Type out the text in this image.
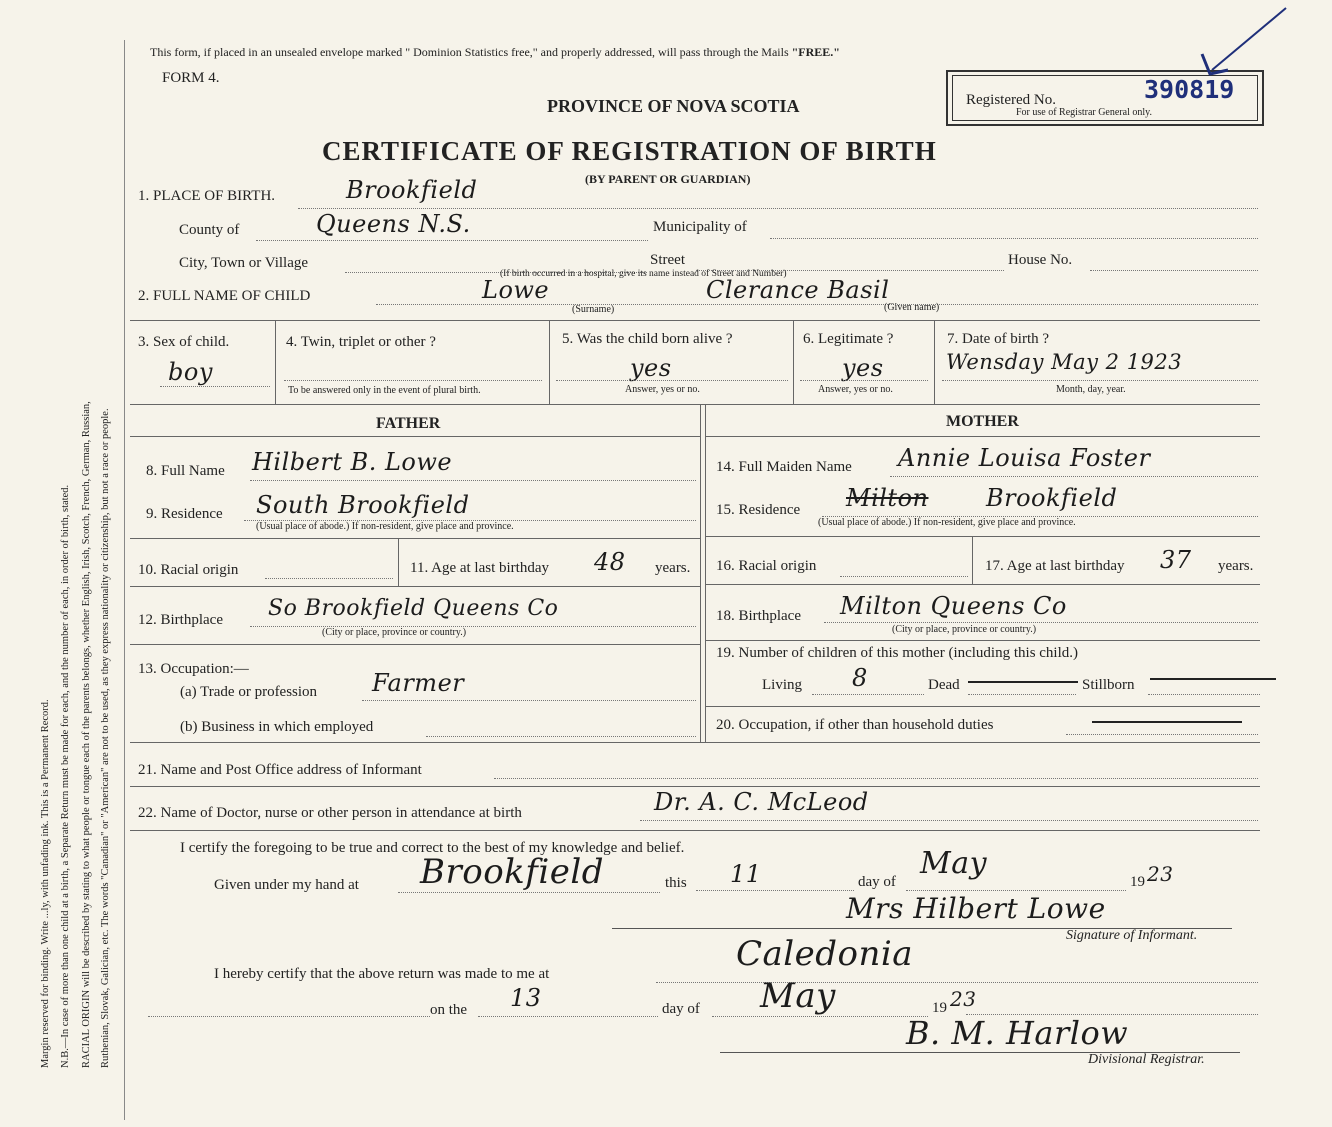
Margin reserved for binding. Write ...ly, with unfading ink. This is a Permanent Record. N.B.—In case of more than one child at a birth, a Separate Return must be made for each, and the number of each, in order of birth, stated. RACIAL ORIGIN will be described by stating to what people or tongue each of the parents belongs, whether English, Irish, Scotch, French, German, Russian, Ruthenian, Slovak, Galician, etc. The words "Canadian" or "American" are not to be used, as they express nationality or citizenship, but not a race or people.
This form, if placed in an unsealed envelope marked " Dominion Statistics free," and properly addressed, will pass through the Mails "FREE."
FORM 4.
PROVINCE OF NOVA SCOTIA
CERTIFICATE OF REGISTRATION OF BIRTH
(BY PARENT OR GUARDIAN)
Registered No.	390819
For use of Registrar General only.
1. PLACE OF BIRTH.	Brookfield
County of	Queens N.S.	Municipality of
City, Town or Village	Street	House No.
(If birth occurred in a hospital, give its name instead of Street and Number)
2. FULL NAME OF CHILD	Lowe	Clerance Basil
(Surname)	(Given name)
3. Sex of child.
boy
4. Twin, triplet or other ?
To be answered only in the event of plural birth.
5. Was the child born alive ?
yes
Answer, yes or no.
6. Legitimate ?
yes
Answer, yes or no.
7. Date of birth ?
Wensday May 2 1923
Month, day, year.
FATHER	MOTHER
8. Full Name Hilbert B. Lowe
9. Residence South Brookfield
(Usual place of abode.) If non-resident, give place and province.
10. Racial origin	11. Age at last birthday 48 years.
12. Birthplace So Brookfield Queens Co
(City or place, province or country.)
13. Occupation:—
(a) Trade or profession Farmer
(b) Business in which employed
14. Full Maiden Name Annie Louisa Foster
15. Residence Milton Brookfield
(Usual place of abode.) If non-resident, give place and province.
16. Racial origin	17. Age at last birthday 37 years.
18. Birthplace Milton Queens Co
(City or place, province or country.)
19. Number of children of this mother (including this child.)
Living 8	Dead	Stillborn
20. Occupation, if other than household duties
21. Name and Post Office address of Informant
22. Name of Doctor, nurse or other person in attendance at birth	Dr. A. C. McLeod
I certify the foregoing to be true and correct to the best of my knowledge and belief.
Given under my hand at Brookfield	this 11	day of
May
19 23
Mrs Hilbert Lowe
Signature of Informant.
I hereby certify that the above return was made to me at	Caledonia
on the 13	day of May	19 23
B. M. Harlow
Divisional Registrar.
